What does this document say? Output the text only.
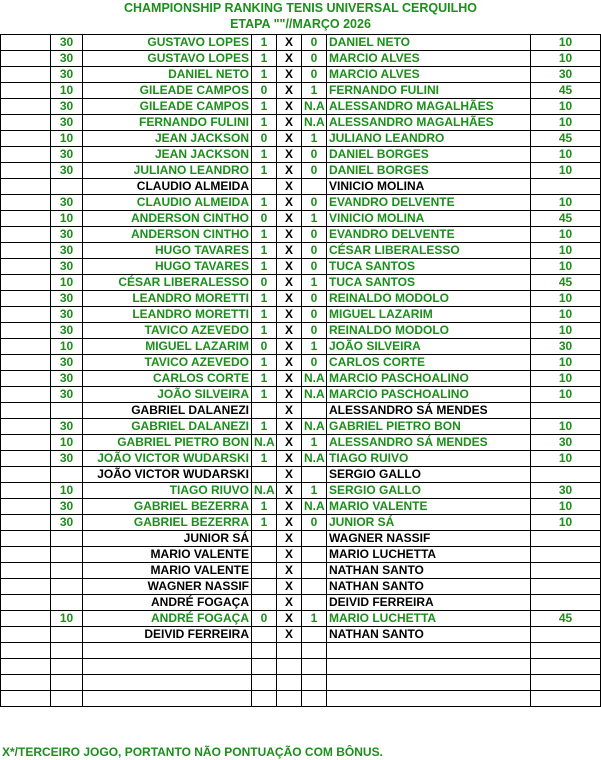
CHAMPIONSHIP RANKING TENIS UNIVERSAL CERQUILHO
ETAPA ""//MARÇO 2026
	30	GUSTAVO LOPES	1	X	0	DANIEL NETO	10
	30	GUSTAVO LOPES	1	X	0	MARCIO ALVES	10
	30	DANIEL NETO	1	X	0	MARCIO ALVES	30
	10	GILEADE CAMPOS	0	X	1	FERNANDO FULINI	45
	30	GILEADE CAMPOS	1	X	N.A	ALESSANDRO MAGALHÃES	10
	30	FERNANDO FULINI	1	X	N.A	ALESSANDRO MAGALHÃES	10
	10	JEAN JACKSON	0	X	1	JULIANO LEANDRO	45
	30	JEAN JACKSON	1	X	0	DANIEL BORGES	10
	30	JULIANO LEANDRO	1	X	0	DANIEL BORGES	10
		CLAUDIO ALMEIDA		X		VINICIO MOLINA	
	30	CLAUDIO ALMEIDA	1	X	0	EVANDRO DELVENTE	10
	10	ANDERSON CINTHO	0	X	1	VINICIO MOLINA	45
	30	ANDERSON CINTHO	1	X	0	EVANDRO DELVENTE	10
	30	HUGO TAVARES	1	X	0	CÉSAR LIBERALESSO	10
	30	HUGO TAVARES	1	X	0	TUCA SANTOS	10
	10	CÉSAR LIBERALESSO	0	X	1	TUCA SANTOS	45
	30	LEANDRO MORETTI	1	X	0	REINALDO MODOLO	10
	30	LEANDRO MORETTI	1	X	0	MIGUEL LAZARIM	10
	30	TAVICO AZEVEDO	1	X	0	REINALDO MODOLO	10
	10	MIGUEL LAZARIM	0	X	1	JOÃO SILVEIRA	30
	30	TAVICO AZEVEDO	1	X	0	CARLOS CORTE	10
	30	CARLOS CORTE	1	X	N.A	MARCIO PASCHOALINO	10
	30	JOÃO SILVEIRA	1	X	N.A	MARCIO PASCHOALINO	10
		GABRIEL DALANEZI		X		ALESSANDRO SÁ MENDES	
	30	GABRIEL DALANEZI	1	X	N.A	GABRIEL PIETRO BON	10
	10	GABRIEL PIETRO BON	N.A	X	1	ALESSANDRO SÁ MENDES	30
	30	JOÃO VICTOR WUDARSKI	1	X	N.A	TIAGO RUIVO	10
		JOÃO VICTOR WUDARSKI		X		SERGIO GALLO	
	10	TIAGO RIUVO	N.A	X	1	SERGIO GALLO	30
	30	GABRIEL BEZERRA	1	X	N.A	MARIO VALENTE	10
	30	GABRIEL BEZERRA	1	X	0	JUNIOR SÁ	10
		JUNIOR SÁ		X		WAGNER NASSIF	
		MARIO VALENTE		X		MARIO LUCHETTA	
		MARIO VALENTE		X		NATHAN SANTO	
		WAGNER NASSIF		X		NATHAN SANTO	
		ANDRÉ FOGAÇA		X		DEIVID FERREIRA	
	10	ANDRÉ FOGAÇA	0	X	1	MARIO LUCHETTA	45
		DEIVID FERREIRA		X		NATHAN SANTO	

X*/TERCEIRO JOGO, PORTANTO NÃO PONTUAÇÃO COM BÔNUS.
